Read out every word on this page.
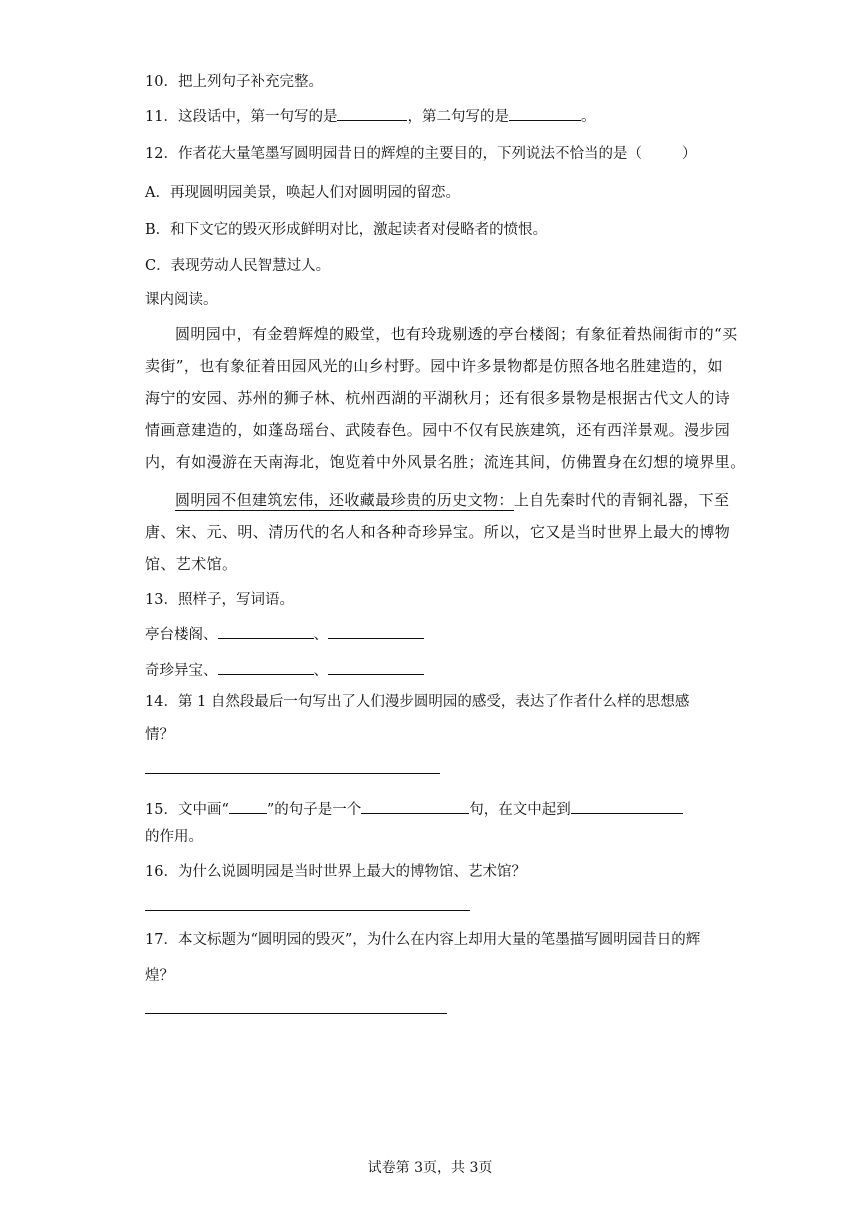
10．把上列句子补充完整。
11．这段话中，第一句写的是	，第二句写的是	。
12．作者花大量笔墨写圆明园昔日的辉煌的主要目的，下列说法不恰当的是（	）
A．再现圆明园美景，唤起人们对圆明园的留恋。
B．和下文它的毁灭形成鲜明对比，激起读者对侵略者的愤恨。
C．表现劳动人民智慧过人。
课内阅读。
圆明园中，有金碧辉煌的殿堂，也有玲珑剔透的亭台楼阁；有象征着热闹街市的“买
卖街”，也有象征着田园风光的山乡村野。园中许多景物都是仿照各地名胜建造的，如
海宁的安园、苏州的狮子林、杭州西湖的平湖秋月；还有很多景物是根据古代文人的诗
情画意建造的，如蓬岛瑶台、武陵春色。园中不仅有民族建筑，还有西洋景观。漫步园
内，有如漫游在天南海北，饱览着中外风景名胜；流连其间，仿佛置身在幻想的境界里。
圆明园不但建筑宏伟，还收藏最珍贵的历史文物：上自先秦时代的青铜礼器，下至
唐、宋、元、明、清历代的名人和各种奇珍异宝。所以，它又是当时世界上最大的博物
馆、艺术馆。
13．照样子，写词语。
亭台楼阁、	、
奇珍异宝、	、
14．第 1 自然段最后一句写出了人们漫步圆明园的感受，表达了作者什么样的思想感
情？
15．文中画“	”的句子是一个	句，在文中起到
的作用。
16．为什么说圆明园是当时世界上最大的博物馆、艺术馆？
17．本文标题为“圆明园的毁灭”，为什么在内容上却用大量的笔墨描写圆明园昔日的辉
煌？
试卷第 3页，共 3页
